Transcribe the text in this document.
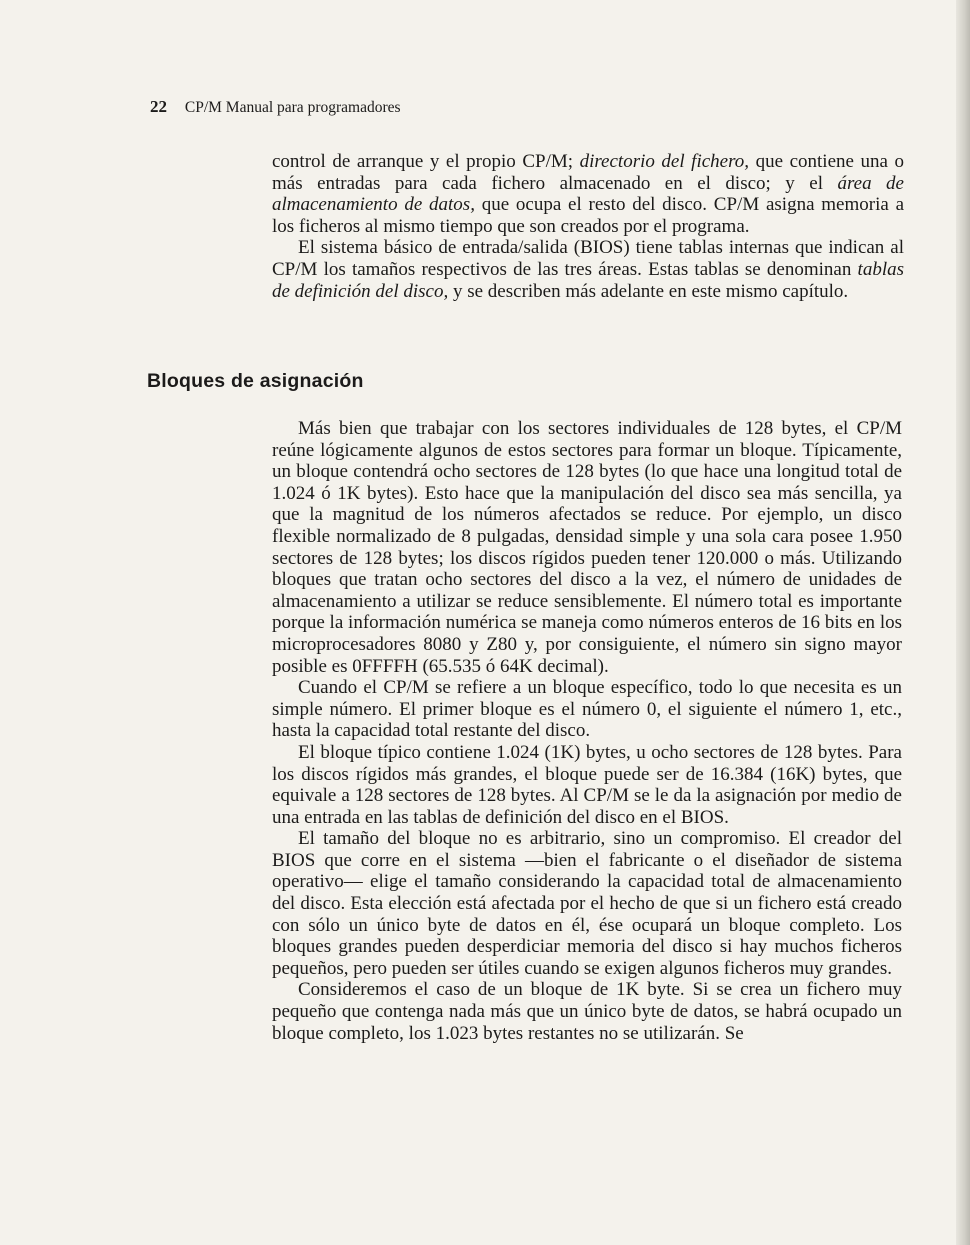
22 CP/M Manual para programadores

control de arranque y el propio CP/M; directorio del fichero, que contiene una o más entradas para cada fichero almacenado en el disco; y el área de almacenamiento de datos, que ocupa el resto del disco. CP/M asigna memoria a los ficheros al mismo tiempo que son creados por el programa.

El sistema básico de entrada/salida (BIOS) tiene tablas internas que indican al CP/M los tamaños respectivos de las tres áreas. Estas tablas se denominan tablas de definición del disco, y se describen más adelante en este mismo capítulo.

Bloques de asignación

Más bien que trabajar con los sectores individuales de 128 bytes, el CP/M reúne lógicamente algunos de estos sectores para formar un bloque. Típicamente, un bloque contendrá ocho sectores de 128 bytes (lo que hace una longitud total de 1.024 ó 1K bytes). Esto hace que la manipulación del disco sea más sencilla, ya que la magnitud de los números afectados se reduce. Por ejemplo, un disco flexible normalizado de 8 pulgadas, densidad simple y una sola cara posee 1.950 sectores de 128 bytes; los discos rígidos pueden tener 120.000 o más. Utilizando bloques que tratan ocho sectores del disco a la vez, el número de unidades de almacenamiento a utilizar se reduce sensiblemente. El número total es importante porque la información numérica se maneja como números enteros de 16 bits en los microprocesadores 8080 y Z80 y, por consiguiente, el número sin signo mayor posible es 0FFFFH (65.535 ó 64K decimal).

Cuando el CP/M se refiere a un bloque específico, todo lo que necesita es un simple número. El primer bloque es el número 0, el siguiente el número 1, etc., hasta la capacidad total restante del disco.

El bloque típico contiene 1.024 (1K) bytes, u ocho sectores de 128 bytes. Para los discos rígidos más grandes, el bloque puede ser de 16.384 (16K) bytes, que equivale a 128 sectores de 128 bytes. Al CP/M se le da la asignación por medio de una entrada en las tablas de definición del disco en el BIOS.

El tamaño del bloque no es arbitrario, sino un compromiso. El creador del BIOS que corre en el sistema —bien el fabricante o el diseñador de sistema operativo— elige el tamaño considerando la capacidad total de almacenamiento del disco. Esta elección está afectada por el hecho de que si un fichero está creado con sólo un único byte de datos en él, ése ocupará un bloque completo. Los bloques grandes pueden desperdiciar memoria del disco si hay muchos ficheros pequeños, pero pueden ser útiles cuando se exigen algunos ficheros muy grandes.

Consideremos el caso de un bloque de 1K byte. Si se crea un fichero muy pequeño que contenga nada más que un único byte de datos, se habrá ocupado un bloque completo, los 1.023 bytes restantes no se utilizarán. Se
